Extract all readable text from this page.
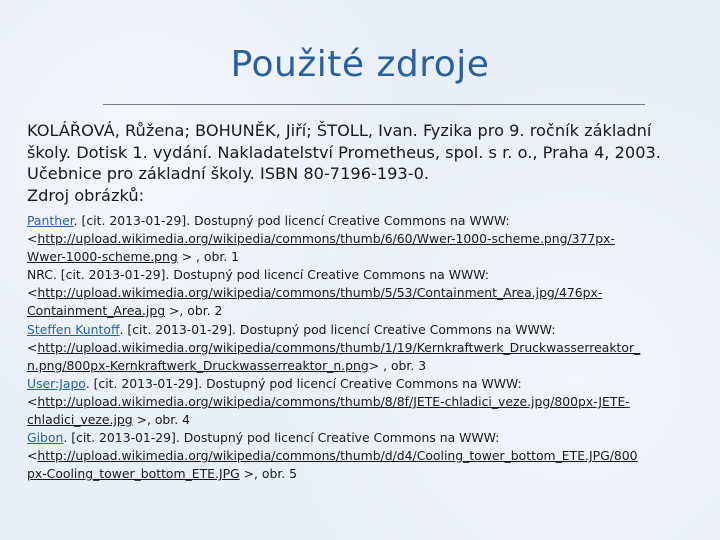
Použité zdroje
KOLÁŘOVÁ, Růžena; BOHUNĚK, Jiří; ŠTOLL, Ivan. Fyzika pro 9. ročník základní
školy. Dotisk 1. vydání. Nakladatelství Prometheus, spol. s r. o., Praha 4, 2003.
Učebnice pro základní školy. ISBN 80-7196-193-0.
Zdroj obrázků:
Panther. [cit. 2013-01-29]. Dostupný pod licencí Creative Commons na WWW:
<http://upload.wikimedia.org/wikipedia/commons/thumb/6/60/Wwer-1000-scheme.png/377px-
Wwer-1000-scheme.png > , obr. 1
NRC. [cit. 2013-01-29]. Dostupný pod licencí Creative Commons na WWW:
<http://upload.wikimedia.org/wikipedia/commons/thumb/5/53/Containment_Area.jpg/476px-
Containment_Area.jpg >, obr. 2
Steffen Kuntoff. [cit. 2013-01-29]. Dostupný pod licencí Creative Commons na WWW:
<http://upload.wikimedia.org/wikipedia/commons/thumb/1/19/Kernkraftwerk_Druckwasserreaktor_
n.png/800px-Kernkraftwerk_Druckwasserreaktor_n.png> , obr. 3
User:Japo. [cit. 2013-01-29]. Dostupný pod licencí Creative Commons na WWW:
<http://upload.wikimedia.org/wikipedia/commons/thumb/8/8f/JETE-chladici_veze.jpg/800px-JETE-
chladici_veze.jpg >, obr. 4
Gibon. [cit. 2013-01-29]. Dostupný pod licencí Creative Commons na WWW:
<http://upload.wikimedia.org/wikipedia/commons/thumb/d/d4/Cooling_tower_bottom_ETE.JPG/800
px-Cooling_tower_bottom_ETE.JPG >, obr. 5
